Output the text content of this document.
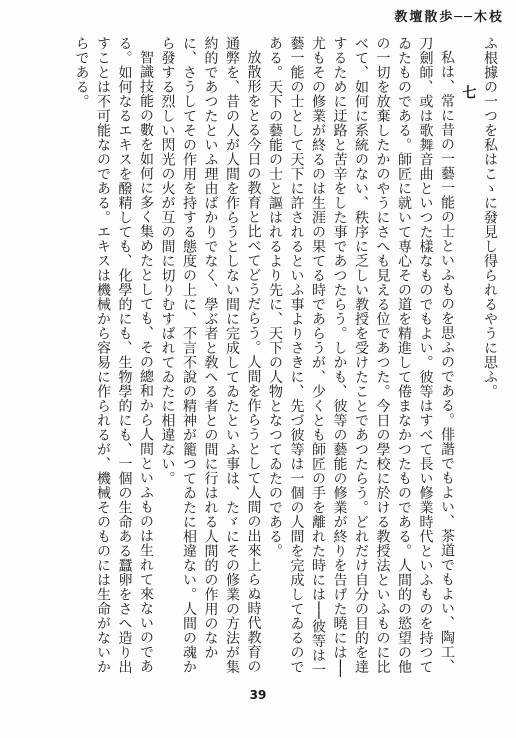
教壇散歩──木枝

ふ根據の一つを私はこゝに發見し得られるやうに思ふ。

七

私は、常に昔の一藝一能の士といふものを思ふのである。俳諧でもよい、茶道でもよい、陶工、刀劍師、或は歌舞音曲といつた樣なものでもよい。彼等はすべて長い修業時代といふものを持つてゐたものである。師匠に就いて専心その道を精進して倦まなかつたものである。人間的の慾望の他の一切を放棄したかのやうにさへも見える位であつた。今日の學校に於ける教授法といふものに比べて、如何に系統のない、秩序に乏しい教授を受けたことであつたらう。どれだけ自分の目的を達するために迂路と苦辛をした事であつたらう。しかも、彼等の藝能の修業が終りを告げた曉には──尤もその修業が終るのは生涯の果てる時であらうが、少くとも師匠の手を離れた時には──彼等は一藝一能の士として天下に許されるといふ事よりさきに、先づ彼等は一個の人間を完成してゐるのである。天下の藝能の士と謳はれるより先に、天下の人物となつてゐたのである。

放散形をとる今日の教育と比べてどうだらう。人間を作らうとして人間の出來上らぬ時代教育の通弊を、昔の人が人間を作らうとしない間に完成してゐたといふ事は、たゞにその修業の方法が集約的であつたといふ理由ばかりでなく、學ぶ者と敎へる者との間に行はれる人間的の作用のなかに、さうしてその作用を持する態度の上に、不言不說の精神が籠つてゐたに相違ない。人間の魂から發する烈しい閃光の火が互の間に切りむすばれてゐたに相違ない。

智識技能の數を如何に多く集めたとしても、その總和から人間といふものは生れて來ないのである。如何なるエキスを醱精しても、化學的にも、生物學的にも、一個の生命ある蠶卵をさへ造り出すことは不可能なのである。エキスは機械から容易に作られるが、機械そのものには生命がないからである。

39
